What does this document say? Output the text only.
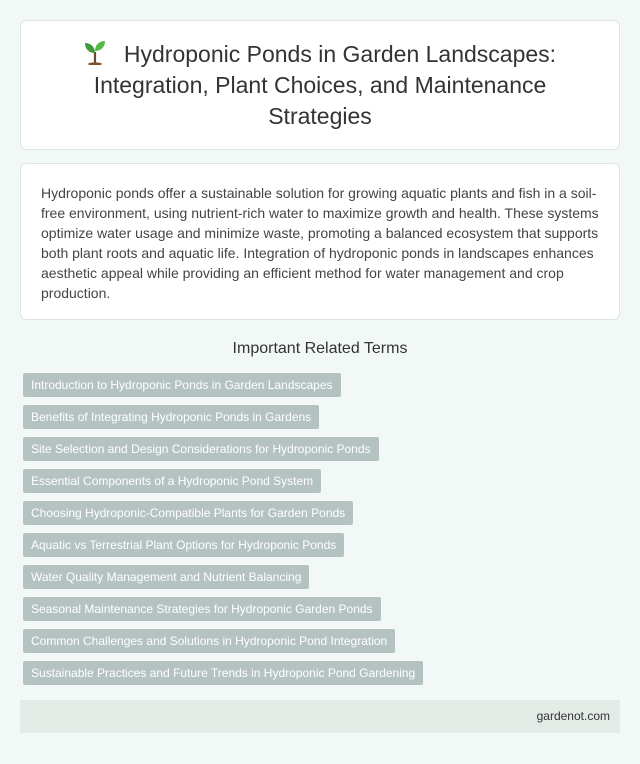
Hydroponic Ponds in Garden Landscapes: Integration, Plant Choices, and Maintenance Strategies

Hydroponic ponds offer a sustainable solution for growing aquatic plants and fish in a soil-free environment, using nutrient-rich water to maximize growth and health. These systems optimize water usage and minimize waste, promoting a balanced ecosystem that supports both plant roots and aquatic life. Integration of hydroponic ponds in landscapes enhances aesthetic appeal while providing an efficient method for water management and crop production.

Important Related Terms
Introduction to Hydroponic Ponds in Garden Landscapes
Benefits of Integrating Hydroponic Ponds in Gardens
Site Selection and Design Considerations for Hydroponic Ponds
Essential Components of a Hydroponic Pond System
Choosing Hydroponic-Compatible Plants for Garden Ponds
Aquatic vs Terrestrial Plant Options for Hydroponic Ponds
Water Quality Management and Nutrient Balancing
Seasonal Maintenance Strategies for Hydroponic Garden Ponds
Common Challenges and Solutions in Hydroponic Pond Integration
Sustainable Practices and Future Trends in Hydroponic Pond Gardening
gardenot.com
